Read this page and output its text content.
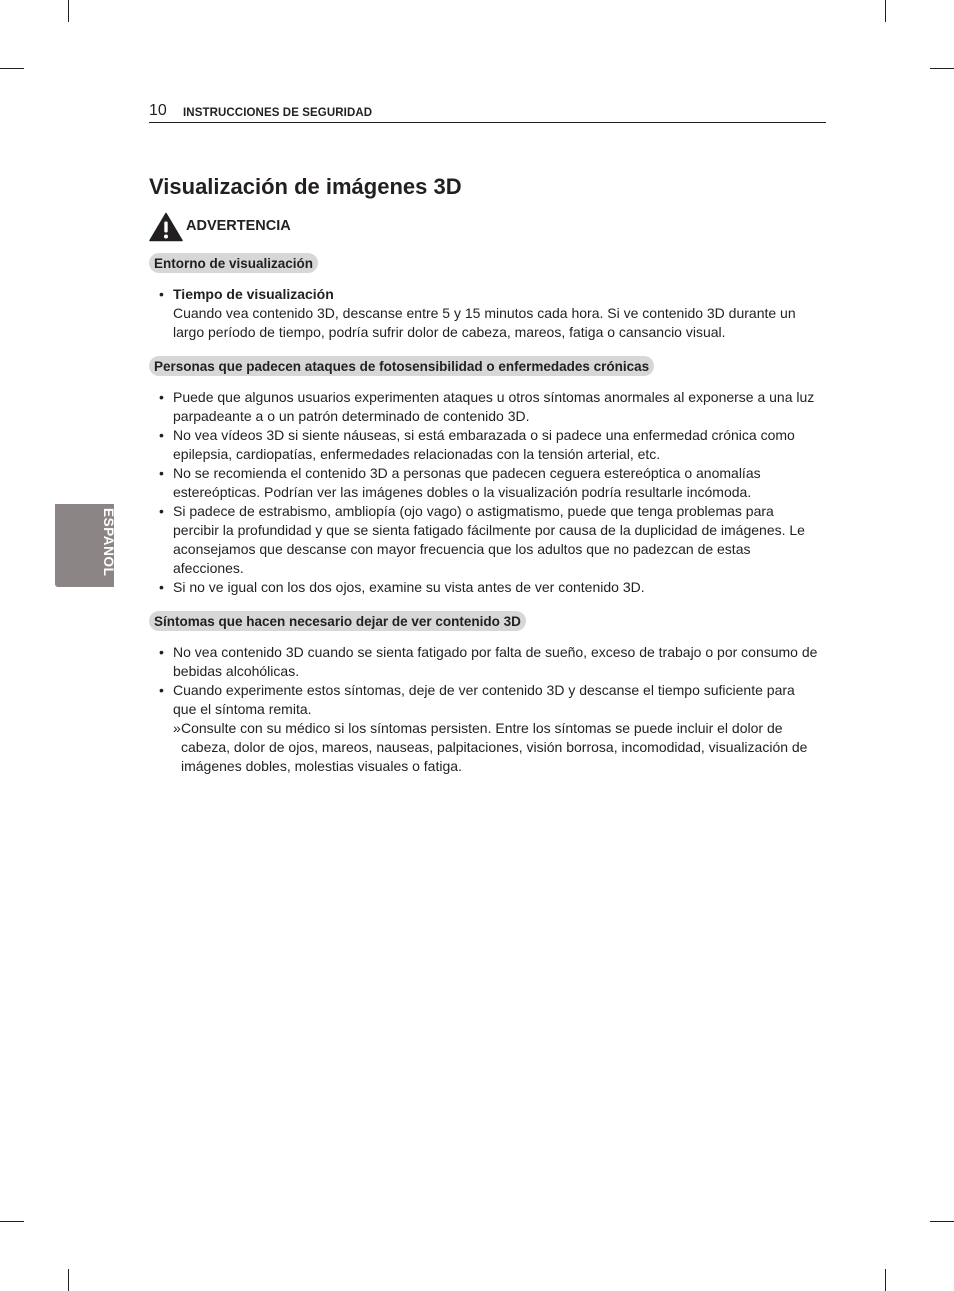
10 INSTRUCCIONES DE SEGURIDAD
ESPAÑOL
Visualización de imágenes 3D
ADVERTENCIA
Entorno de visualización
• Tiempo de visualización
Cuando vea contenido 3D, descanse entre 5 y 15 minutos cada hora. Si ve contenido 3D durante un largo período de tiempo, podría sufrir dolor de cabeza, mareos, fatiga o cansancio visual.
Personas que padecen ataques de fotosensibilidad o enfermedades crónicas
• Puede que algunos usuarios experimenten ataques u otros síntomas anormales al exponerse a una luz parpadeante a o un patrón determinado de contenido 3D.
• No vea vídeos 3D si siente náuseas, si está embarazada o si padece una enfermedad crónica como epilepsia, cardiopatías, enfermedades relacionadas con la tensión arterial, etc.
• No se recomienda el contenido 3D a personas que padecen ceguera estereóptica o anomalías estereópticas. Podrían ver las imágenes dobles o la visualización podría resultarle incómoda.
• Si padece de estrabismo, ambliopía (ojo vago) o astigmatismo, puede que tenga problemas para percibir la profundidad y que se sienta fatigado fácilmente por causa de la duplicidad de imágenes. Le aconsejamos que descanse con mayor frecuencia que los adultos que no padezcan de estas afecciones.
• Si no ve igual con los dos ojos, examine su vista antes de ver contenido 3D.
Síntomas que hacen necesario dejar de ver contenido 3D
• No vea contenido 3D cuando se sienta fatigado por falta de sueño, exceso de trabajo o por consumo de bebidas alcohólicas.
• Cuando experimente estos síntomas, deje de ver contenido 3D y descanse el tiempo suficiente para que el síntoma remita.
» Consulte con su médico si los síntomas persisten. Entre los síntomas se puede incluir el dolor de cabeza, dolor de ojos, mareos, nauseas, palpitaciones, visión borrosa, incomodidad, visualización de imágenes dobles, molestias visuales o fatiga.
